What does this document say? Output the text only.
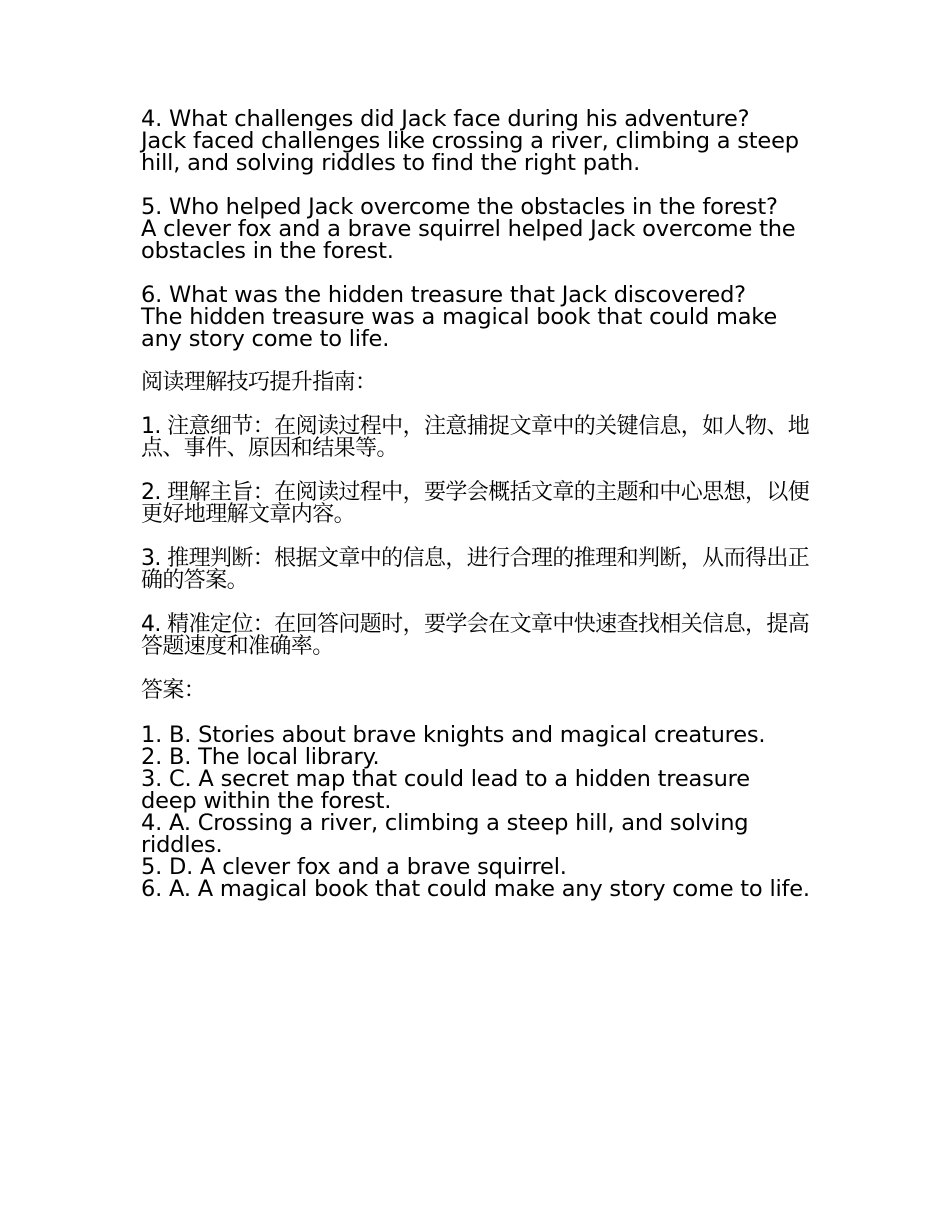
4. What challenges did Jack face during his adventure?
Jack faced challenges like crossing a river, climbing a steep hill, and solving riddles to find the right path.
5. Who helped Jack overcome the obstacles in the forest?
A clever fox and a brave squirrel helped Jack overcome the obstacles in the forest.
6. What was the hidden treasure that Jack discovered?
The hidden treasure was a magical book that could make any story come to life.
阅读理解技巧提升指南：
1. 注意细节：在阅读过程中，注意捕捉文章中的关键信息，如人物、地点、事件、原因和结果等。
2. 理解主旨：在阅读过程中，要学会概括文章的主题和中心思想，以便更好地理解文章内容。
3. 推理判断：根据文章中的信息，进行合理的推理和判断，从而得出正确的答案。
4. 精准定位：在回答问题时，要学会在文章中快速查找相关信息，提高答题速度和准确率。
答案：
1. B. Stories about brave knights and magical creatures.
2. B. The local library.
3. C. A secret map that could lead to a hidden treasure deep within the forest.
4. A. Crossing a river, climbing a steep hill, and solving riddles.
5. D. A clever fox and a brave squirrel.
6. A. A magical book that could make any story come to life.
